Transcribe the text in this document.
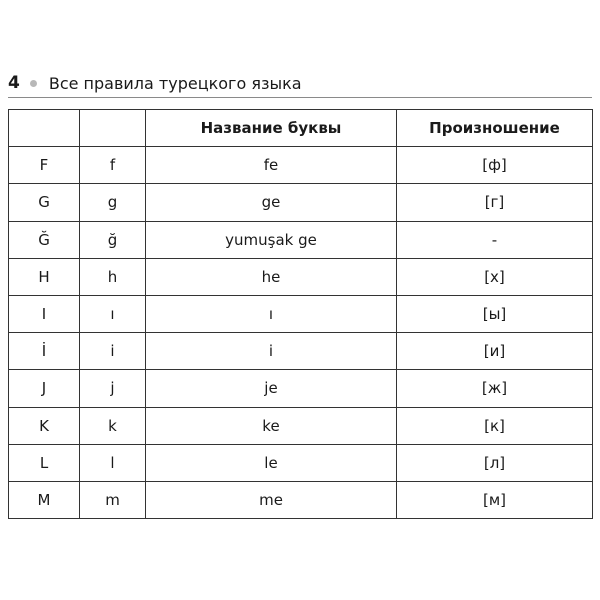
4 Все правила турецкого языка
		Название буквы	Произношение
F	f	fe	[ф]
G	g	ge	[г]
Ğ	ğ	yumuşak ge	-
H	h	he	[х]
I	ı	ı	[ы]
İ	i	i	[и]
J	j	je	[ж]
K	k	ke	[к]
L	l	le	[л]
M	m	me	[м]
